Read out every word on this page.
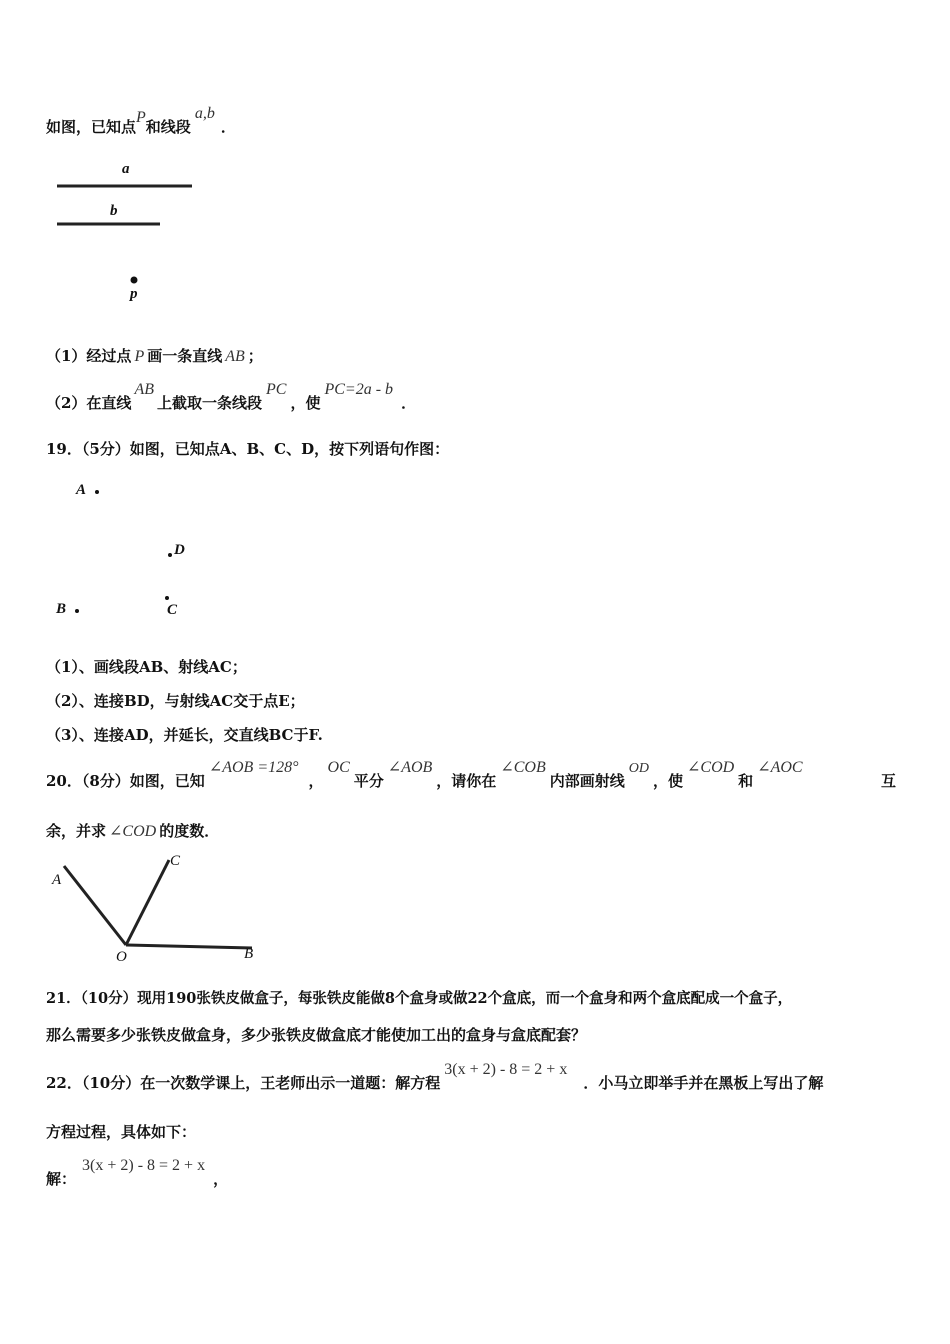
如图，已知点P和线段a,b．
a
b
p
（1）经过点 P 画一条直线 AB ；
（2）在直线AB上截取一条线段PC，使PC=2a - b．
19．（5分）如图，已知点A、B、C、D，按下列语句作图：
A
D
B	C
（1）、画线段AB、射线AC；
（2）、连接BD，与射线AC交于点E；
（3）、连接AD，并延长，交直线BC于F.
20．（8分）如图，已知∠AOB =128°，OC平分∠AOB，请你在∠COB内部画射线OD，使∠COD和∠AOC
互
余，并求 ∠COD 的度数．
A
C
O	B
21．（10分）现用190张铁皮做盒子，每张铁皮能做8个盒身或做22个盒底，而一个盒身和两个盒底配成一个盒子，
那么需要多少张铁皮做盒身，多少张铁皮做盒底才能使加工出的盒身与盒底配套？
22．（10分）在一次数学课上，王老师出示一道题：解方程3(x + 2) - 8 = 2 + x．小马立即举手并在黑板上写出了解
方程过程，具体如下：
解：3(x + 2) - 8 = 2 + x，
